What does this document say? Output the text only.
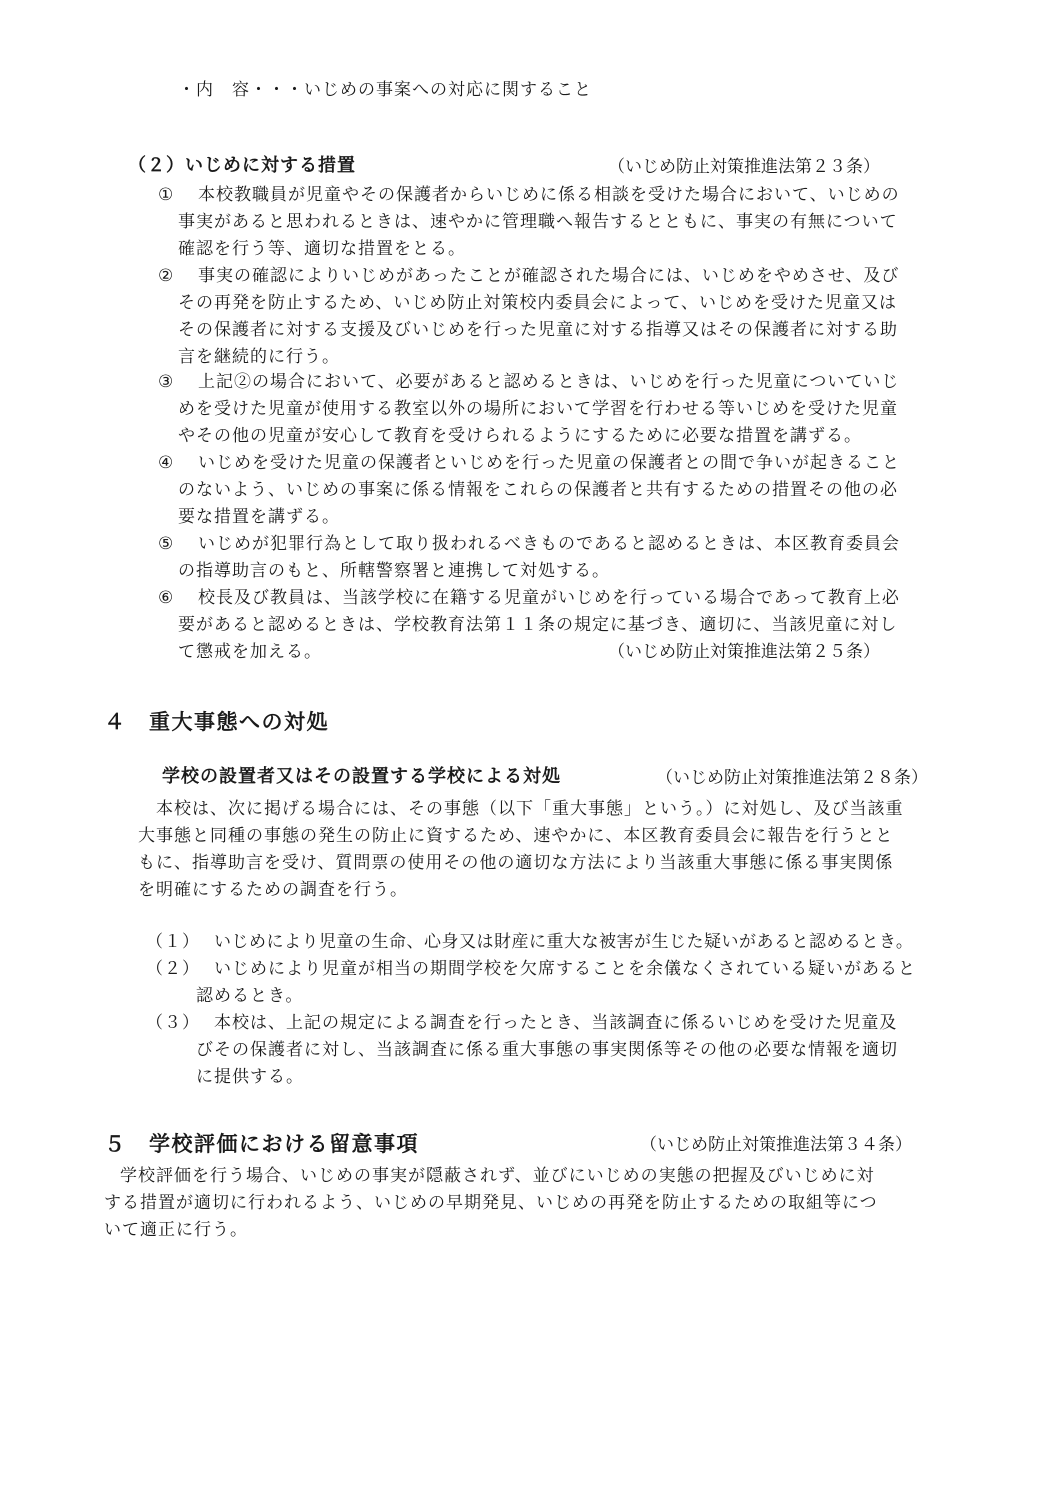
・内　容・・・いじめの事案への対応に関すること
（２）いじめに対する措置	（いじめ防止対策推進法第２３条）
① 本校教職員が児童やその保護者からいじめに係る相談を受けた場合において、いじめの
事実があると思われるときは、速やかに管理職へ報告するとともに、事実の有無について
確認を行う等、適切な措置をとる。
② 事実の確認によりいじめがあったことが確認された場合には、いじめをやめさせ、及び
その再発を防止するため、いじめ防止対策校内委員会によって、いじめを受けた児童又は
その保護者に対する支援及びいじめを行った児童に対する指導又はその保護者に対する助
言を継続的に行う。
③ 上記②の場合において、必要があると認めるときは、いじめを行った児童についていじ
めを受けた児童が使用する教室以外の場所において学習を行わせる等いじめを受けた児童
やその他の児童が安心して教育を受けられるようにするために必要な措置を講ずる。
④ いじめを受けた児童の保護者といじめを行った児童の保護者との間で争いが起きること
のないよう、いじめの事案に係る情報をこれらの保護者と共有するための措置その他の必
要な措置を講ずる。
⑤ いじめが犯罪行為として取り扱われるべきものであると認めるときは、本区教育委員会
の指導助言のもと、所轄警察署と連携して対処する。
⑥ 校長及び教員は、当該学校に在籍する児童がいじめを行っている場合であって教育上必
要があると認めるときは、学校教育法第１１条の規定に基づき、適切に、当該児童に対し
て懲戒を加える。	（いじめ防止対策推進法第２５条）
４　重大事態への対処
学校の設置者又はその設置する学校による対処	（いじめ防止対策推進法第２８条）
本校は、次に掲げる場合には、その事態（以下「重大事態」という。）に対処し、及び当該重
大事態と同種の事態の発生の防止に資するため、速やかに、本区教育委員会に報告を行うとと
もに、指導助言を受け、質問票の使用その他の適切な方法により当該重大事態に係る事実関係
を明確にするための調査を行う。
（１） いじめにより児童の生命、心身又は財産に重大な被害が生じた疑いがあると認めるとき。
（２） いじめにより児童が相当の期間学校を欠席することを余儀なくされている疑いがあると
認めるとき。
（３） 本校は、上記の規定による調査を行ったとき、当該調査に係るいじめを受けた児童及
びその保護者に対し、当該調査に係る重大事態の事実関係等その他の必要な情報を適切
に提供する。
５　学校評価における留意事項	（いじめ防止対策推進法第３４条）
学校評価を行う場合、いじめの事実が隠蔽されず、並びにいじめの実態の把握及びいじめに対
する措置が適切に行われるよう、いじめの早期発見、いじめの再発を防止するための取組等につ
いて適正に行う。
